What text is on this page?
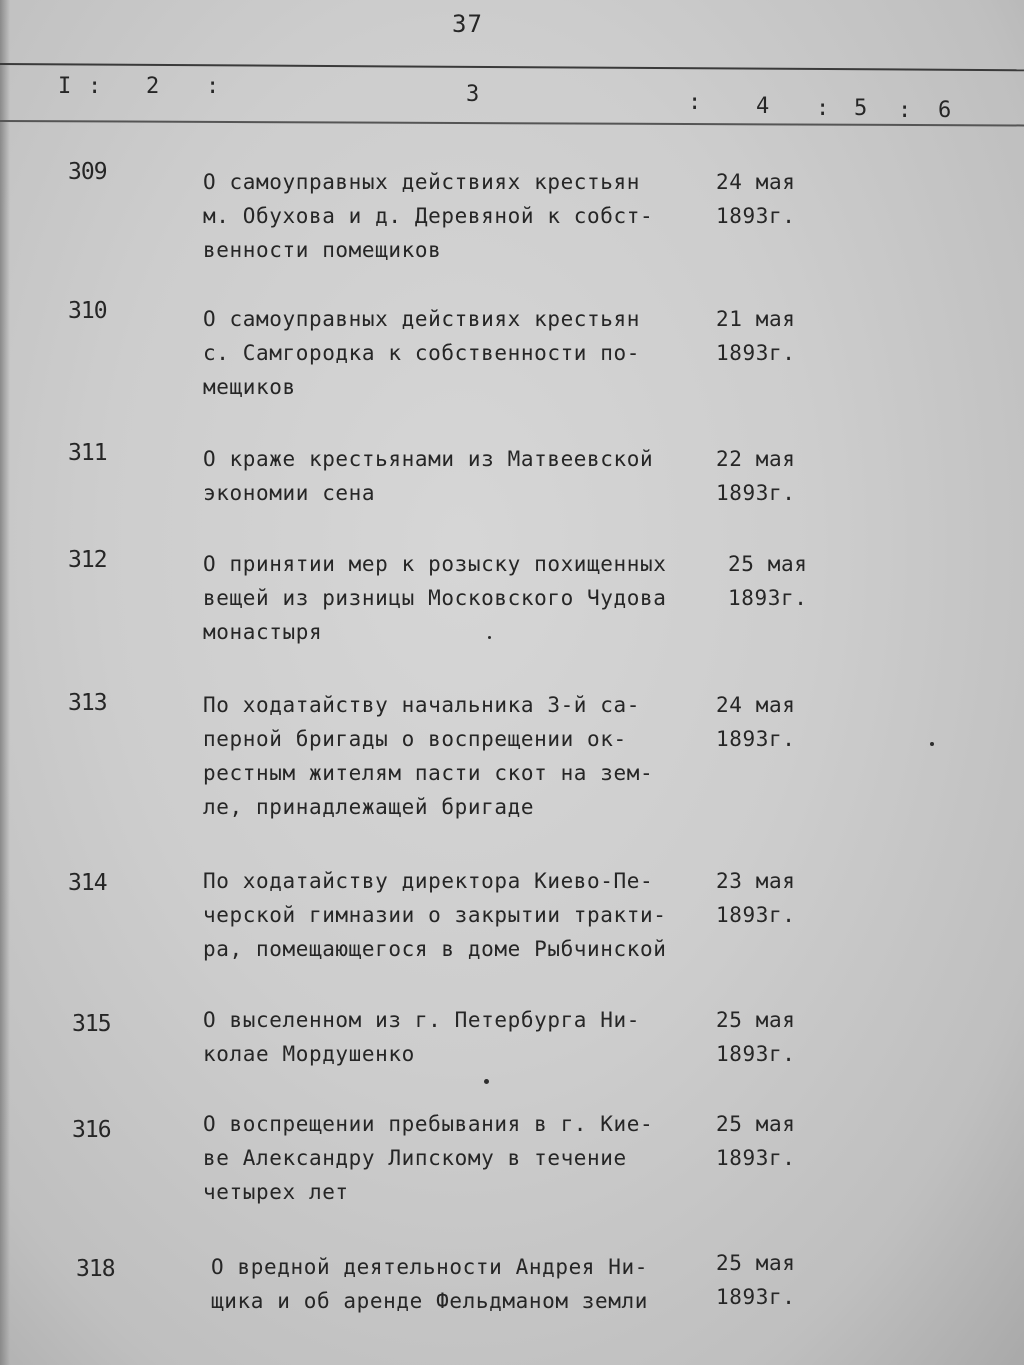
37
I : 2 :	3	: 4 : 5 : 6
309	О самоуправных действиях крестьян
м. Обухова и д. Деревяной к собст-
венности помещиков
24 мая
1893г.
310	О самоуправных действиях крестьян
с. Самгородка к собственности по-
мещиков
21 мая
1893г.
311	О краже крестьянами из Матвеевской
экономии сена
22 мая
1893г.
312	О принятии мер к розыску похищенных
вещей из ризницы Московского Чудова
монастыря
25 мая
1893г.
313	По ходатайству начальника 3-й са-
перной бригады о воспрещении ок-
рестным жителям пасти скот на зем-
ле, принадлежащей бригаде
24 мая
1893г.
314	По ходатайству директора Киево-Пе-
черской гимназии о закрытии тракти-
ра, помещающегося в доме Рыбчинской
23 мая
1893г.
315	О выселенном из г. Петербурга Ни-
колае Мордушенко
25 мая
1893г.
316	О воспрещении пребывания в г. Кие-
ве Александру Липскому в течение
четырех лет
25 мая
1893г.
318	О вредной деятельности Андрея Ни-
щика и об аренде Фельдманом земли
25 мая
1893г.
